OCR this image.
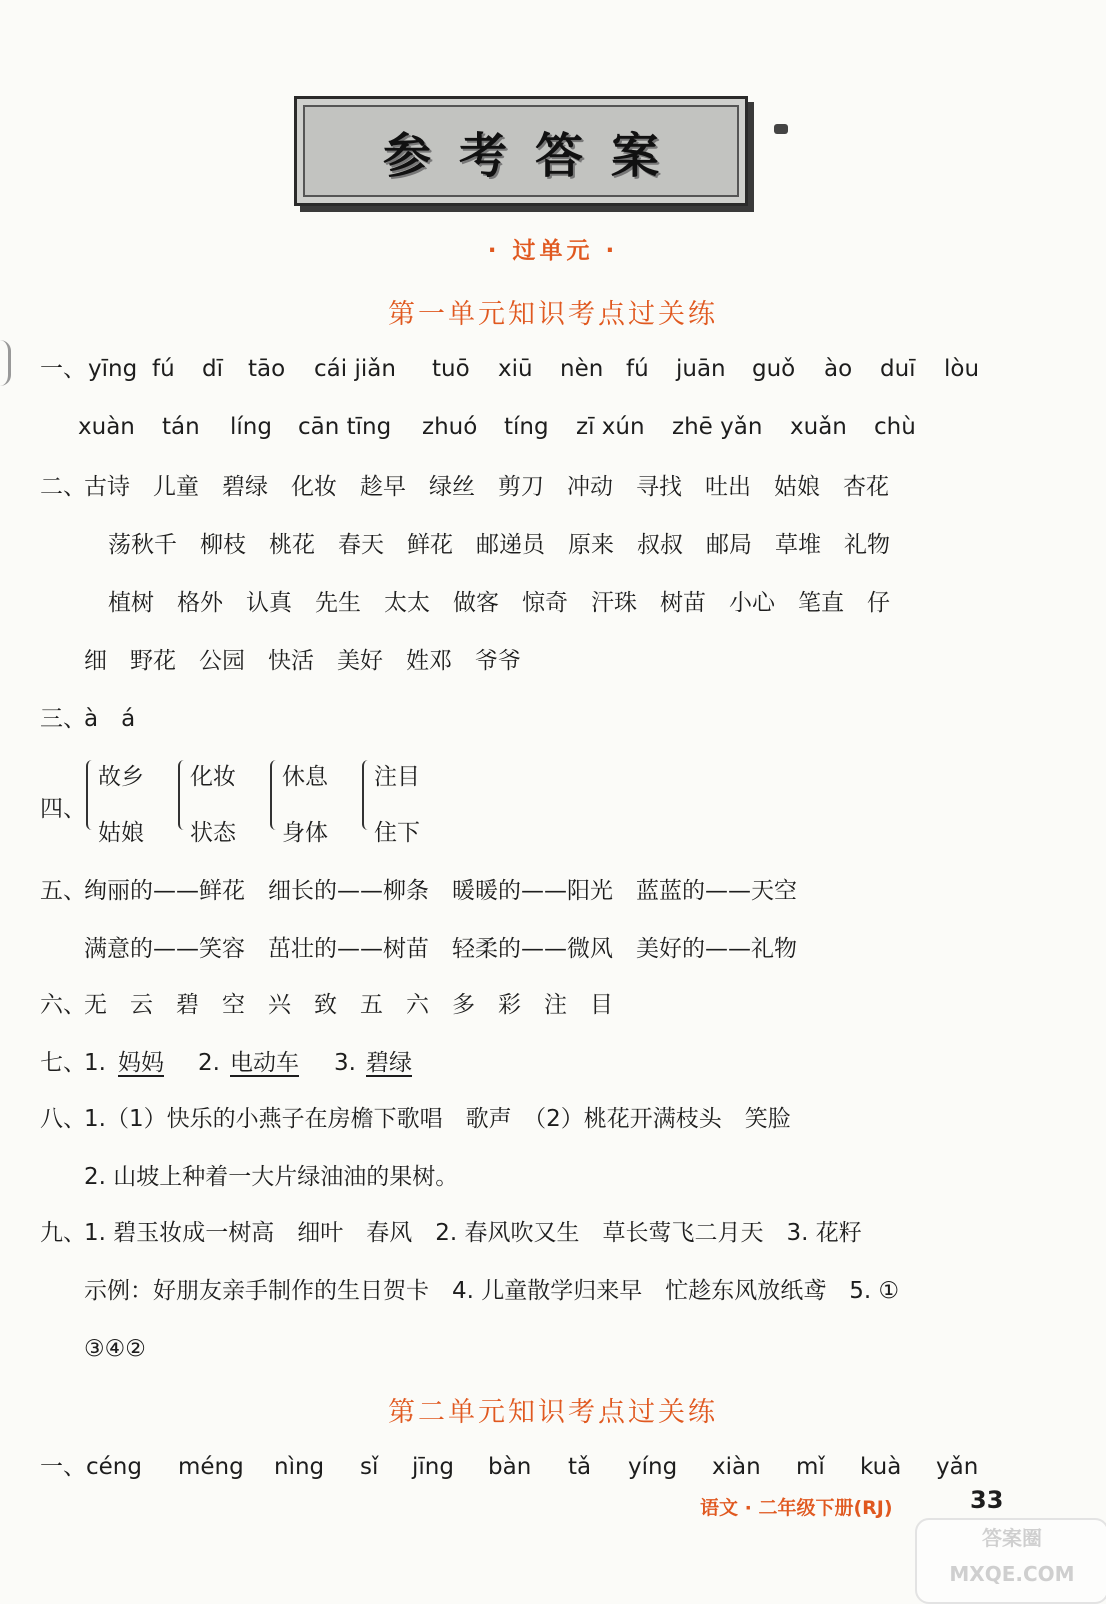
参考答案
· 过单元 ·
第一单元知识考点过关练
一、 yīng fú dī tāo cái jiǎn tuō xiū nèn fú juān guǒ ào duī lòu
xuàn tán líng cān tīng zhuó tíng zī xún zhē yǎn xuǎn chù
二、
古诗　儿童　碧绿　化妆　趁早　绿丝　剪刀　冲动　寻找　吐出　姑娘　杏花
荡秋千　柳枝　桃花　春天　鲜花　邮递员　原来　叔叔　邮局　草堆　礼物
植树　格外　认真　先生　太太　做客　惊奇　汗珠　树苗　小心　笔直　仔
细　野花　公园　快活　美好　姓邓　爷爷
三、
à　á
四、
故乡
姑娘
化妆
状态
休息
身体
注目
住下
五、
绚丽的——鲜花　细长的——柳条　暖暖的——阳光　蓝蓝的——天空
满意的——笑容　茁壮的——树苗　轻柔的——微风　美好的——礼物
六、
无　云　碧　空　兴　致　五　六　多　彩　注　目
七、
1. 妈妈 2. 电动车 3. 碧绿
八、
1.（1）快乐的小燕子在房檐下歌唱　歌声　（2）桃花开满枝头　笑脸
2. 山坡上种着一大片绿油油的果树。
九、
1. 碧玉妆成一树高　细叶　春风　2. 春风吹又生　草长莺飞二月天　3. 花籽
示例：好朋友亲手制作的生日贺卡　4. 儿童散学归来早　忙趁东风放纸鸢　5. ①
③④②
第二单元知识考点过关练
一、 céng méng nìng sǐ jīng bàn tǎ yíng xiàn mǐ kuà yǎn
语文 · 二年级下册(RJ)	33
答案圈 MXQE.COM
